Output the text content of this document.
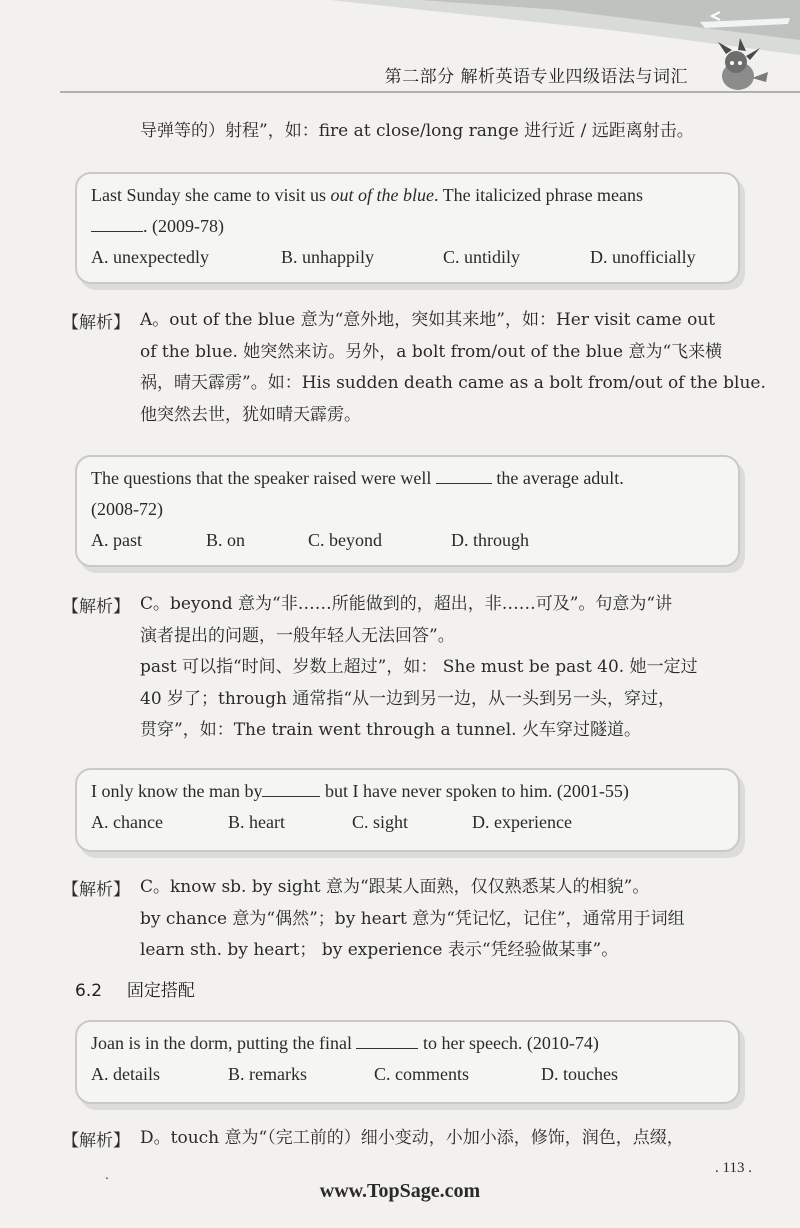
第二部分 解析英语专业四级语法与词汇
导弹等的）射程”，如：fire at close/long range 进行近 / 远距离射击。
Last Sunday she came to visit us out of the blue. The italicized phrase means
. (2009-78)
A. unexpectedly	B. unhappily	C. untidily	D. unofficially
【解析】 A。out of the blue 意为“意外地，突如其来地”，如：Her visit came out
of the blue. 她突然来访。另外，a bolt from/out of the blue 意为“飞来横
祸，晴天霹雳”。如：His sudden death came as a bolt from/out of the blue.
他突然去世，犹如晴天霹雳。
The questions that the speaker raised were well	the average adult.
(2008-72)
A. past	B. on	C. beyond	D. through
【解析】 C。beyond 意为“非……所能做到的，超出，非……可及”。句意为“讲
演者提出的问题，一般年轻人无法回答”。
past 可以指“时间、岁数上超过”，如： She must be past 40. 她一定过
40 岁了；through 通常指“从一边到另一边，从一头到另一头，穿过，
贯穿”，如：The train went through a tunnel. 火车穿过隧道。
I only know the man by	but I have never spoken to him. (2001-55)
A. chance	B. heart	C. sight	D. experience
【解析】 C。know sb. by sight 意为“跟某人面熟，仅仅熟悉某人的相貌”。
by chance 意为“偶然”；by heart 意为“凭记忆，记住”，通常用于词组
learn sth. by heart； by experience 表示“凭经验做某事”。
6.2 固定搭配
Joan is in the dorm, putting the final	to her speech. (2010-74)
A. details	B. remarks	C. comments	D. touches
【解析】 D。touch 意为“（完工前的）细小变动，小加小添，修饰，润色，点缀，
.	. 113 .
www.TopSage.com
